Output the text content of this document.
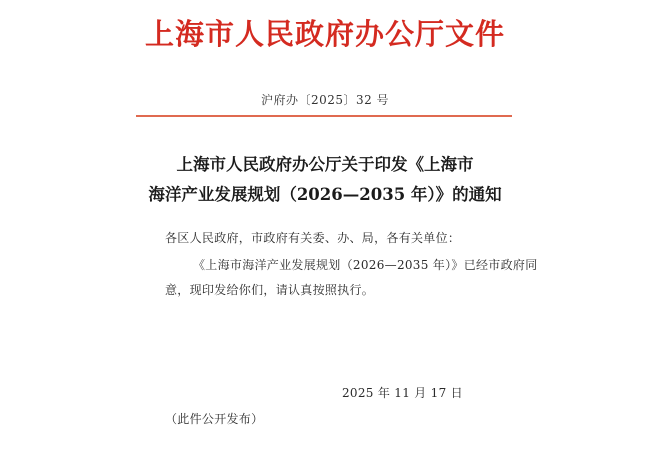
上海市人民政府办公厅文件
沪府办〔2025〕32 号
上海市人民政府办公厅关于印发《上海市
海洋产业发展规划（2026—2035 年）》的通知
各区人民政府，市政府有关委、办、局，各有关单位：
《上海市海洋产业发展规划（2026—2035 年）》已经市政府同
意，现印发给你们，请认真按照执行。
2025 年 11 月 17 日
（此件公开发布）
